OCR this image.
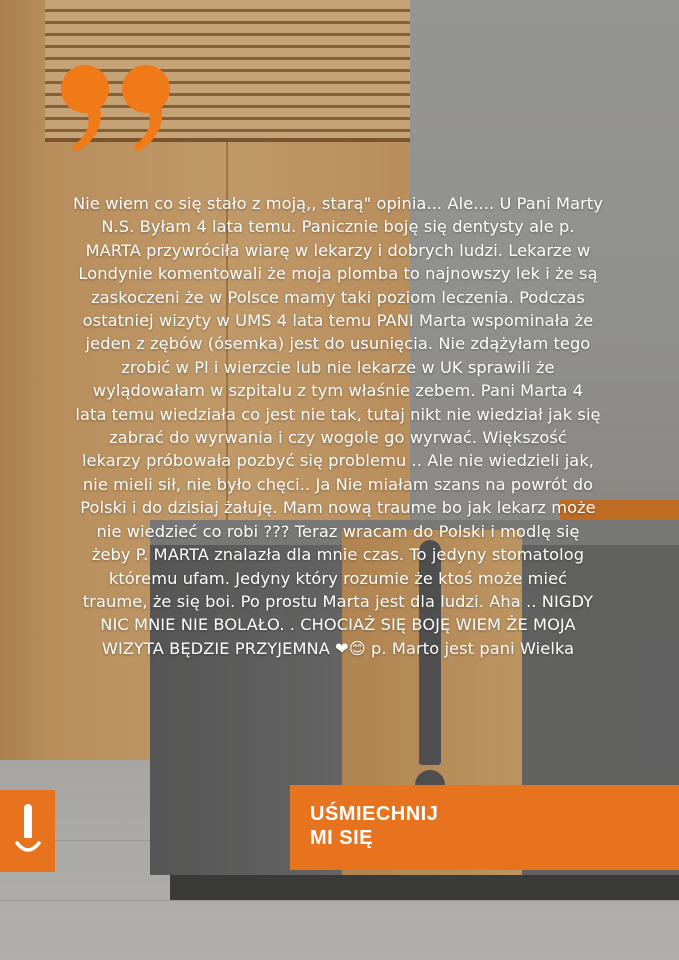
Nie wiem co się stało z moją,, starą" opinia... Ale.... U Pani Marty
N.S. Byłam 4 lata temu. Panicznie boję się dentysty ale p.
MARTA przywróciła wiarę w lekarzy i dobrych ludzi. Lekarze w
Londynie komentowali że moja plomba to najnowszy lek i że są
zaskoczeni że w Polsce mamy taki poziom leczenia. Podczas
ostatniej wizyty w UMS 4 lata temu PANI Marta wspominała że
jeden z zębów (ósemka) jest do usunięcia. Nie zdążyłam tego
zrobić w Pl i wierzcie lub nie lekarze w UK sprawili że
wylądowałam w szpitalu z tym właśnie zebem. Pani Marta 4
lata temu wiedziała co jest nie tak, tutaj nikt nie wiedział jak się
zabrać do wyrwania i czy wogole go wyrwać. Większość
lekarzy próbowała pozbyć się problemu .. Ale nie wiedzieli jak,
nie mieli sił, nie było chęci.. Ja Nie miałam szans na powrót do
Polski i do dzisiaj żałuję. Mam nową traume bo jak lekarz może
nie wiedzieć co robi ??? Teraz wracam do Polski i modlę się
żeby P. MARTA znalazła dla mnie czas. To jedyny stomatolog
któremu ufam. Jedyny który rozumie że ktoś może mieć
traume, że się boi. Po prostu Marta jest dla ludzi. Aha .. NIGDY
NIC MNIE NIE BOLAŁO. . CHOCIAŻ SIĘ BOJĘ WIEM ŻE MOJA
WIZYTA BĘDZIE PRZYJEMNA ❤😊 p. Marto jest pani Wielka
UŚMIECHNIJ
MI SIĘ
